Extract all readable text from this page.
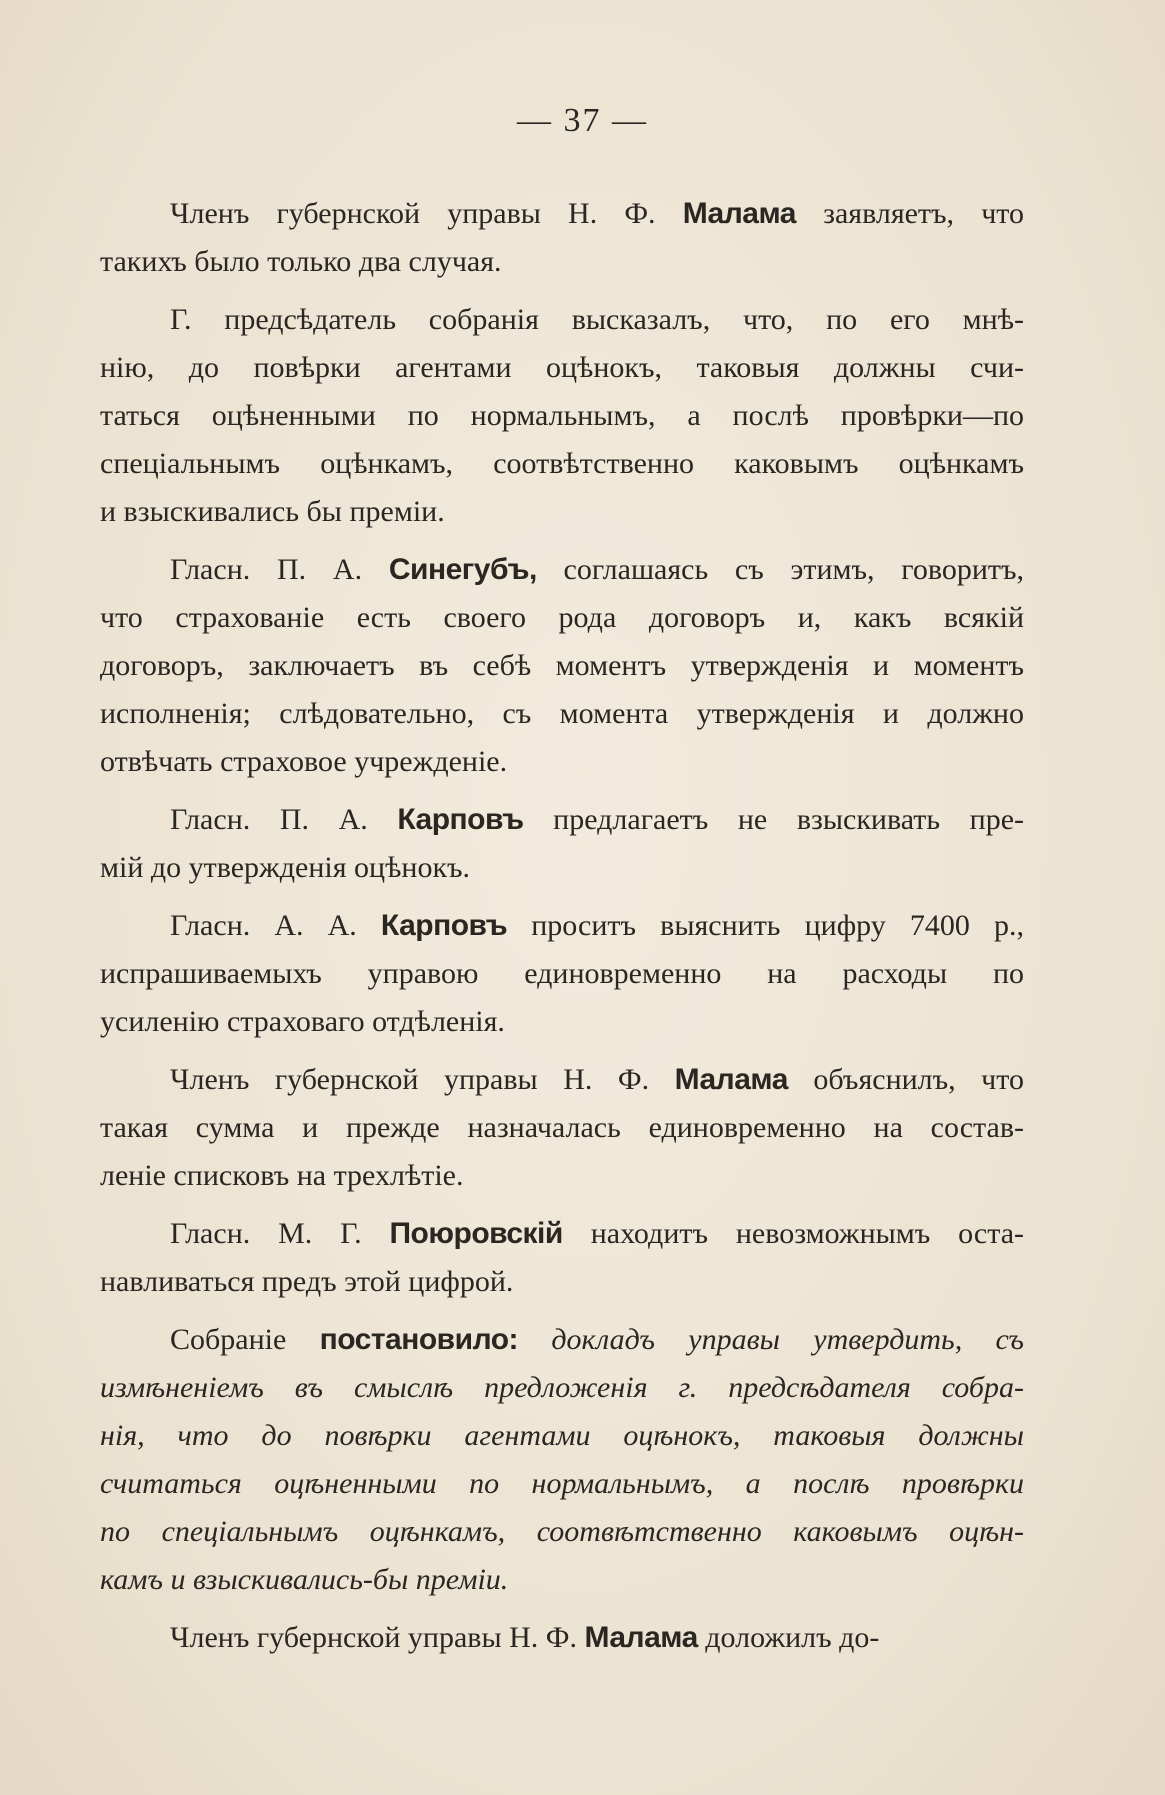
— 37 —
Членъ губернской управы Н. Ф. Малама заявляетъ, что
такихъ было только два случая.
Г. предсѣдатель собранія высказалъ, что, по его мнѣ-
нію, до повѣрки агентами оцѣнокъ, таковыя должны счи-
таться оцѣненными по нормальнымъ, а послѣ провѣрки—по
спеціальнымъ оцѣнкамъ, соотвѣтственно каковымъ оцѣнкамъ
и взыскивались бы преміи.
Гласн. П. А. Синегубъ, соглашаясь съ этимъ, говоритъ,
что страхованіе есть своего рода договоръ и, какъ всякій
договоръ, заключаетъ въ себѣ моментъ утвержденія и моментъ
исполненія; слѣдовательно, съ момента утвержденія и должно
отвѣчать страховое учрежденіе.
Гласн. П. А. Карповъ предлагаетъ не взыскивать пре-
мій до утвержденія оцѣнокъ.
Гласн. А. А. Карповъ проситъ выяснить цифру 7400 р.,
испрашиваемыхъ управою единовременно на расходы по
усиленію страховаго отдѣленія.
Членъ губернской управы Н. Ф. Малама объяснилъ, что
такая сумма и прежде назначалась единовременно на состав-
леніе списковъ на трехлѣтіе.
Гласн. М. Г. Поюровскій находитъ невозможнымъ оста-
навливаться предъ этой цифрой.
Собраніе постановило: докладъ управы утвердить, съ
измѣненіемъ въ смыслѣ предложенія г. предсѣдателя собра-
нія, что до повѣрки агентами оцѣнокъ, таковыя должны
считаться оцѣненными по нормальнымъ, а послѣ провѣрки
по спеціальнымъ оцѣнкамъ, соотвѣтственно каковымъ оцѣн-
камъ и взыскивались-бы преміи.
Членъ губернской управы Н. Ф. Малама доложилъ до-
